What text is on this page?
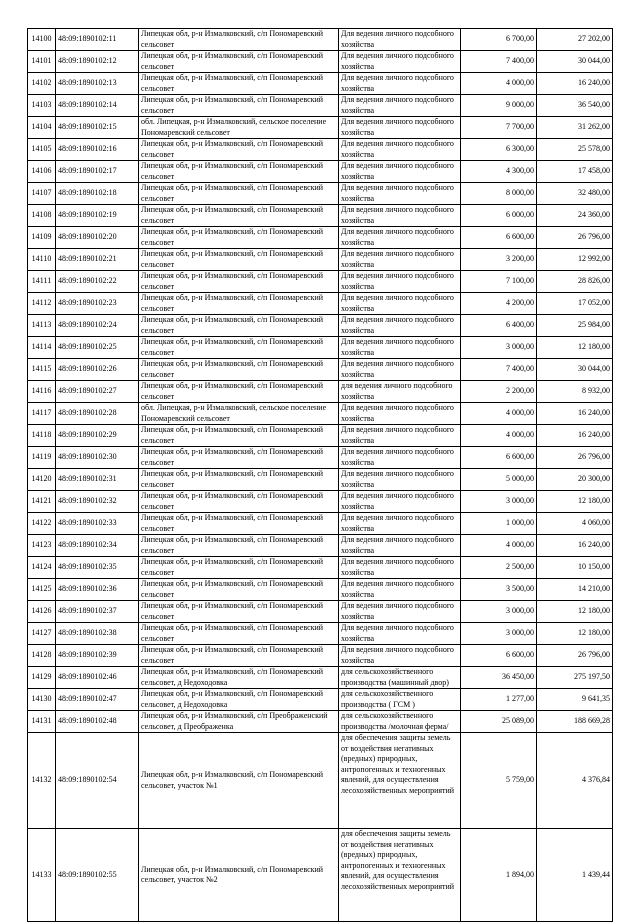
14100	48:09:1890102:11	Липецкая обл, р-н Измалковский, с/п Пономаревский сельсовет	Для ведения личного подсобного хозяйства	6 700,00	27 202,00
14101	48:09:1890102:12	Липецкая обл, р-н Измалковский, с/п Пономаревский сельсовет	Для ведения личного подсобного хозяйства	7 400,00	30 044,00
14102	48:09:1890102:13	Липецкая обл, р-н Измалковский, с/п Пономаревский сельсовет	Для ведения личного подсобного хозяйства	4 000,00	16 240,00
14103	48:09:1890102:14	Липецкая обл, р-н Измалковский, с/п Пономаревский сельсовет	Для ведения личного подсобного хозяйства	9 000,00	36 540,00
14104	48:09:1890102:15	обл. Липецкая, р-н Измалковский, сельское поселение Пономаревский сельсовет	Для ведения личного подсобного хозяйства	7 700,00	31 262,00
14105	48:09:1890102:16	Липецкая обл, р-н Измалковский, с/п Пономаревский сельсовет	Для ведения личного подсобного хозяйства	6 300,00	25 578,00
14106	48:09:1890102:17	Липецкая обл, р-н Измалковский, с/п Пономаревский сельсовет	Для ведения личного подсобного хозяйства	4 300,00	17 458,00
14107	48:09:1890102:18	Липецкая обл, р-н Измалковский, с/п Пономаревский сельсовет	Для ведения личного подсобного хозяйства	8 000,00	32 480,00
14108	48:09:1890102:19	Липецкая обл, р-н Измалковский, с/п Пономаревский сельсовет	Для ведения личного подсобного хозяйства	6 000,00	24 360,00
14109	48:09:1890102:20	Липецкая обл, р-н Измалковский, с/п Пономаревский сельсовет	Для ведения личного подсобного хозяйства	6 600,00	26 796,00
14110	48:09:1890102:21	Липецкая обл, р-н Измалковский, с/п Пономаревский сельсовет	Для ведения личного подсобного хозяйства	3 200,00	12 992,00
14111	48:09:1890102:22	Липецкая обл, р-н Измалковский, с/п Пономаревский сельсовет	Для ведения личного подсобного хозяйства	7 100,00	28 826,00
14112	48:09:1890102:23	Липецкая обл, р-н Измалковский, с/п Пономаревский сельсовет	Для ведения личного подсобного хозяйства	4 200,00	17 052,00
14113	48:09:1890102:24	Липецкая обл, р-н Измалковский, с/п Пономаревский сельсовет	Для ведения личного подсобного хозяйства	6 400,00	25 984,00
14114	48:09:1890102:25	Липецкая обл, р-н Измалковский, с/п Пономаревский сельсовет	Для ведения личного подсобного хозяйства	3 000,00	12 180,00
14115	48:09:1890102:26	Липецкая обл, р-н Измалковский, с/п Пономаревский сельсовет	Для ведения личного подсобного хозяйства	7 400,00	30 044,00
14116	48:09:1890102:27	Липецкая обл, р-н Измалковский, с/п Пономаревский сельсовет	для ведения личного подсобного хозяйства	2 200,00	8 932,00
14117	48:09:1890102:28	обл. Липецкая, р-н Измалковский, сельское поселение Пономаревский сельсовет	Для ведения личного подсобного хозяйства	4 000,00	16 240,00
14118	48:09:1890102:29	Липецкая обл, р-н Измалковский, с/п Пономаревский сельсовет	Для ведения личного подсобного хозяйства	4 000,00	16 240,00
14119	48:09:1890102:30	Липецкая обл, р-н Измалковский, с/п Пономаревский сельсовет	Для ведения личного подсобного хозяйства	6 600,00	26 796,00
14120	48:09:1890102:31	Липецкая обл, р-н Измалковский, с/п Пономаревский сельсовет	Для ведения личного подсобного хозяйства	5 000,00	20 300,00
14121	48:09:1890102:32	Липецкая обл, р-н Измалковский, с/п Пономаревский сельсовет	Для ведения личного подсобного хозяйства	3 000,00	12 180,00
14122	48:09:1890102:33	Липецкая обл, р-н Измалковский, с/п Пономаревский сельсовет	Для ведения личного подсобного хозяйства	1 000,00	4 060,00
14123	48:09:1890102:34	Липецкая обл, р-н Измалковский, с/п Пономаревский сельсовет	Для ведения личного подсобного хозяйства	4 000,00	16 240,00
14124	48:09:1890102:35	Липецкая обл, р-н Измалковский, с/п Пономаревский сельсовет	Для ведения личного подсобного хозяйства	2 500,00	10 150,00
14125	48:09:1890102:36	Липецкая обл, р-н Измалковский, с/п Пономаревский сельсовет	Для ведения личного подсобного хозяйства	3 500,00	14 210,00
14126	48:09:1890102:37	Липецкая обл, р-н Измалковский, с/п Пономаревский сельсовет	Для ведения личного подсобного хозяйства	3 000,00	12 180,00
14127	48:09:1890102:38	Липецкая обл, р-н Измалковский, с/п Пономаревский сельсовет	Для ведения личного подсобного хозяйства	3 000,00	12 180,00
14128	48:09:1890102:39	Липецкая обл, р-н Измалковский, с/п Пономаревский сельсовет	Для ведения личного подсобного хозяйства	6 600,00	26 796,00
14129	48:09:1890102:46	Липецкая обл, р-н Измалковский, с/п Пономаревский сельсовет, д Недоходовка	для сельскохозяйственного производства (машинный двор)	36 450,00	275 197,50
14130	48:09:1890102:47	Липецкая обл, р-н Измалковский, с/п Пономаревский сельсовет, д Недоходовка	для сельскохозяйственного производства ( ГСМ )	1 277,00	9 641,35
14131	48:09:1890102:48	Липецкая обл, р-н Измалковский, с/п Преображенский сельсовет, д Преображенка	для сельскохозяйственного производства /молочная ферма/	25 089,00	188 669,28
14132	48:09:1890102:54	Липецкая обл, р-н Измалковский, с/п Пономаревский сельсовет, участок №1	для обеспечения защиты земель от воздействия негативных (вредных) природных, антропогенных и техногенных явлений, для осуществления лесохозяйственных мероприятий	5 759,00	4 376,84
14133	48:09:1890102:55	Липецкая обл, р-н Измалковский, с/п Пономаревский сельсовет, участок №2	для обеспечения защиты земель от воздействия негативных (вредных) природных, антропогенных и техногенных явлений, для осуществления лесохозяйственных мероприятий	1 894,00	1 439,44
